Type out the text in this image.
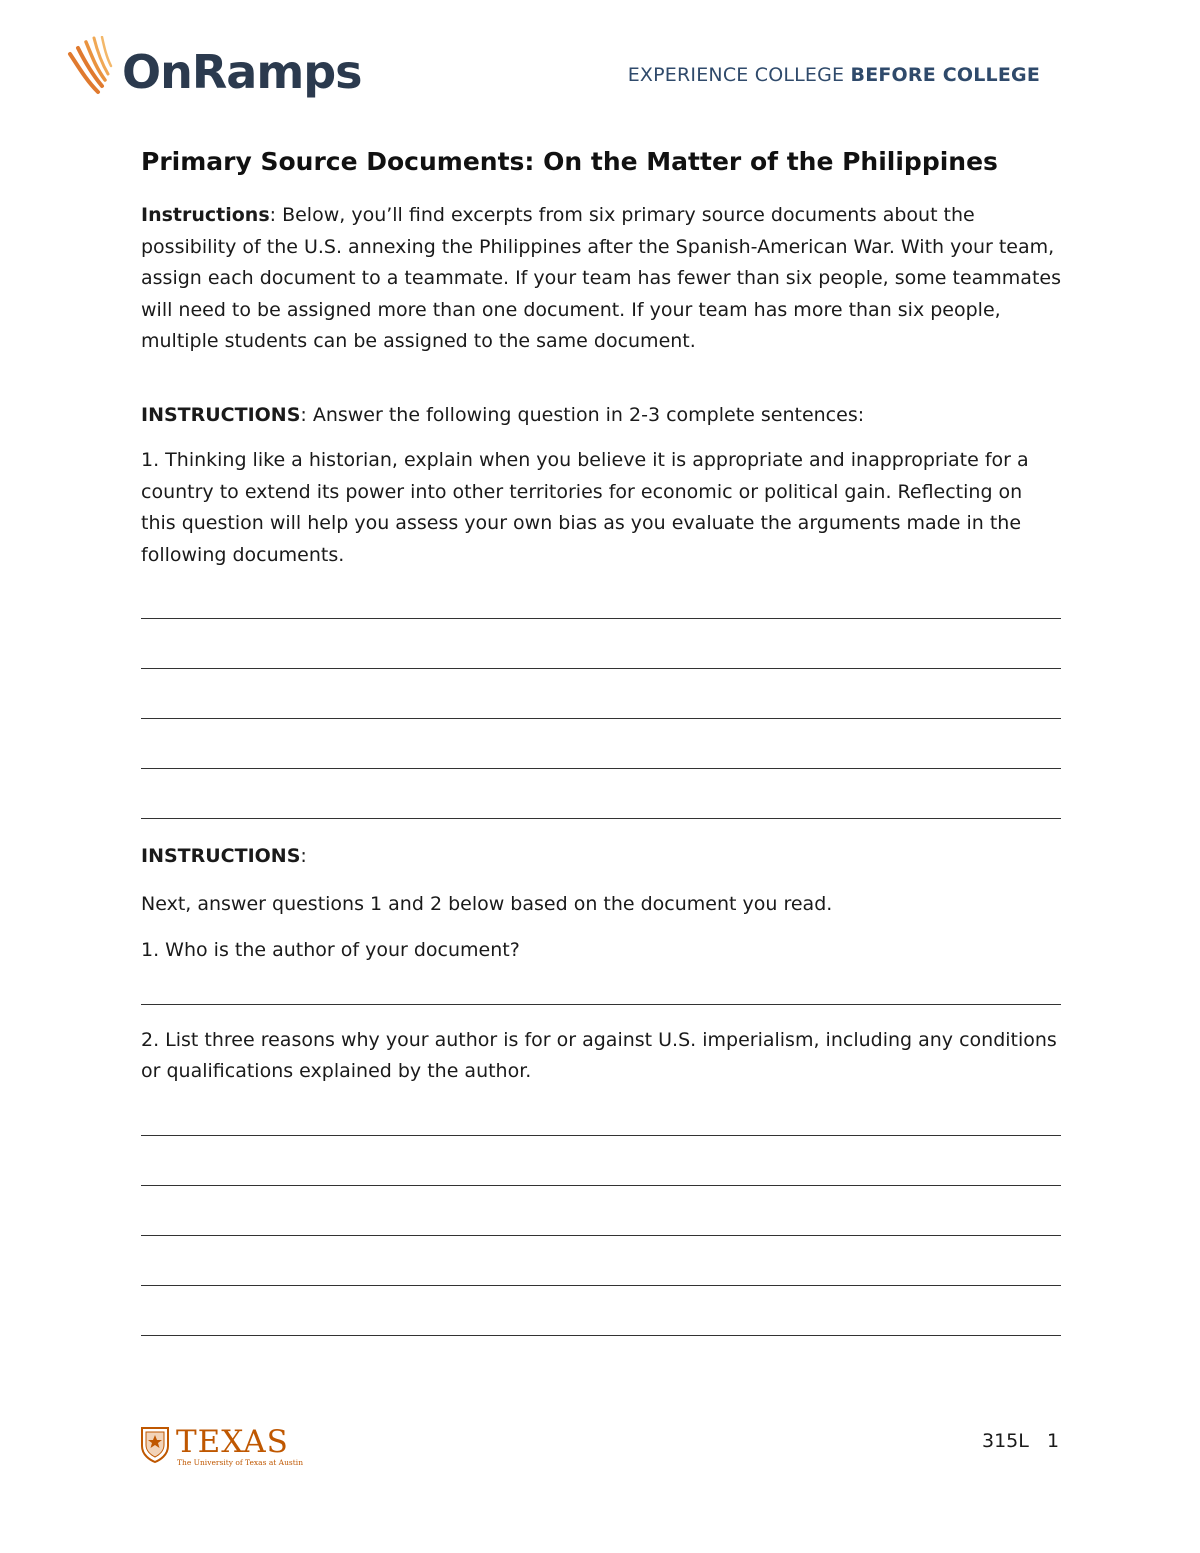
OnRamps	EXPERIENCE COLLEGE BEFORE COLLEGE
Primary Source Documents: On the Matter of the Philippines

Instructions: Below, you’ll find excerpts from six primary source documents about the possibility of the U.S. annexing the Philippines after the Spanish-American War. With your team, assign each document to a teammate. If your team has fewer than six people, some teammates will need to be assigned more than one document. If your team has more than six people, multiple students can be assigned to the same document.

INSTRUCTIONS: Answer the following question in 2-3 complete sentences:

1. Thinking like a historian, explain when you believe it is appropriate and inappropriate for a country to extend its power into other territories for economic or political gain. Reflecting on this question will help you assess your own bias as you evaluate the arguments made in the following documents.

INSTRUCTIONS:

Next, answer questions 1 and 2 below based on the document you read.

1. Who is the author of your document?

2. List three reasons why your author is for or against U.S. imperialism, including any conditions or qualifications explained by the author.

TEXAS
The University of Texas at Austin
315L 1
